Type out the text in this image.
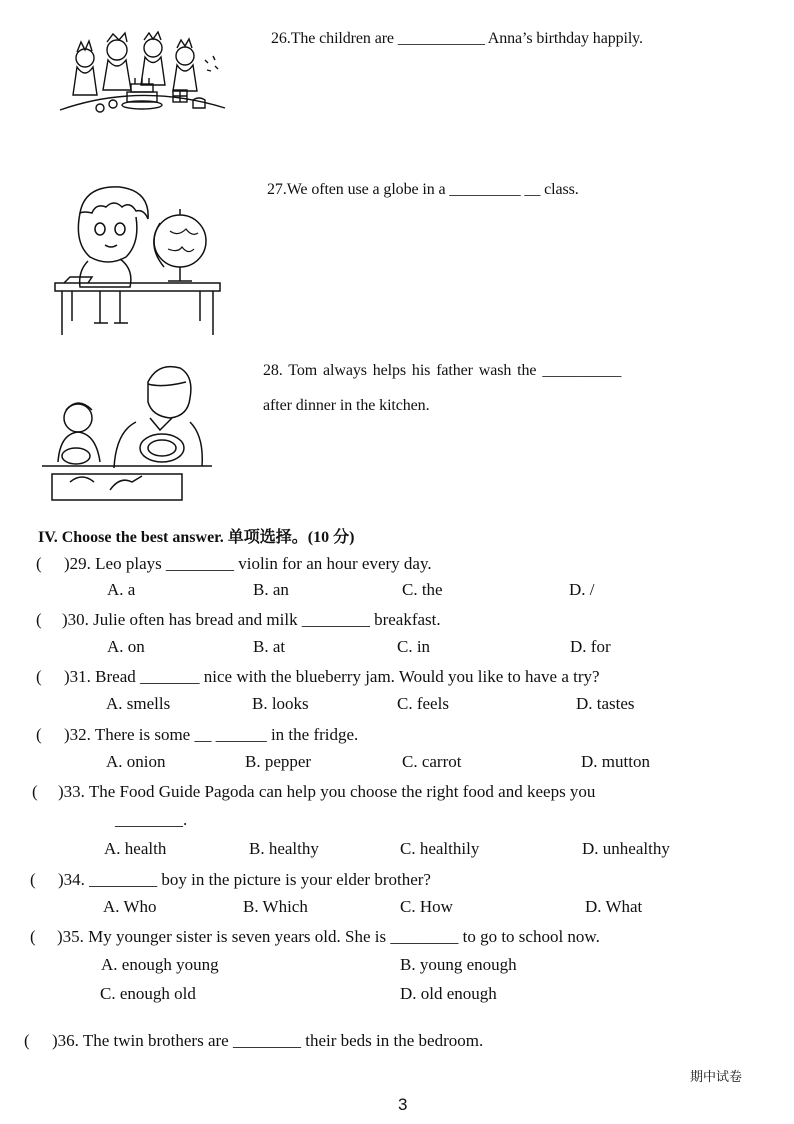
26.The children are ___________ Anna’s birthday happily.
27.We often use a globe in a _________ __ class.
28. Tom always helps his father wash the __________
after dinner in the kitchen.
IV. Choose the best answer. 单项选择。(10 分)
( )29. Leo plays ________ violin for an hour every day.
A. a	B. an	C. the	D. /
( )30. Julie often has bread and milk ________ breakfast.
A. on	B. at	C. in	D. for
( )31. Bread _______ nice with the blueberry jam. Would you like to have a try?
A. smells	B. looks	C. feels	D. tastes
( )32. There is some __ ______ in the fridge.
A. onion	B. pepper	C. carrot	D. mutton
( )33. The Food Guide Pagoda can help you choose the right food and keeps you
________.
A. health	B. healthy	C. healthily	D. unhealthy
( )34. ________ boy in the picture is your elder brother?
A. Who	B. Which	C. How	D. What
( )35. My younger sister is seven years old. She is ________ to go to school now.
A. enough young	B. young enough
C. enough old	D. old enough
( )36. The twin brothers are ________ their beds in the bedroom.
期中试卷
3
